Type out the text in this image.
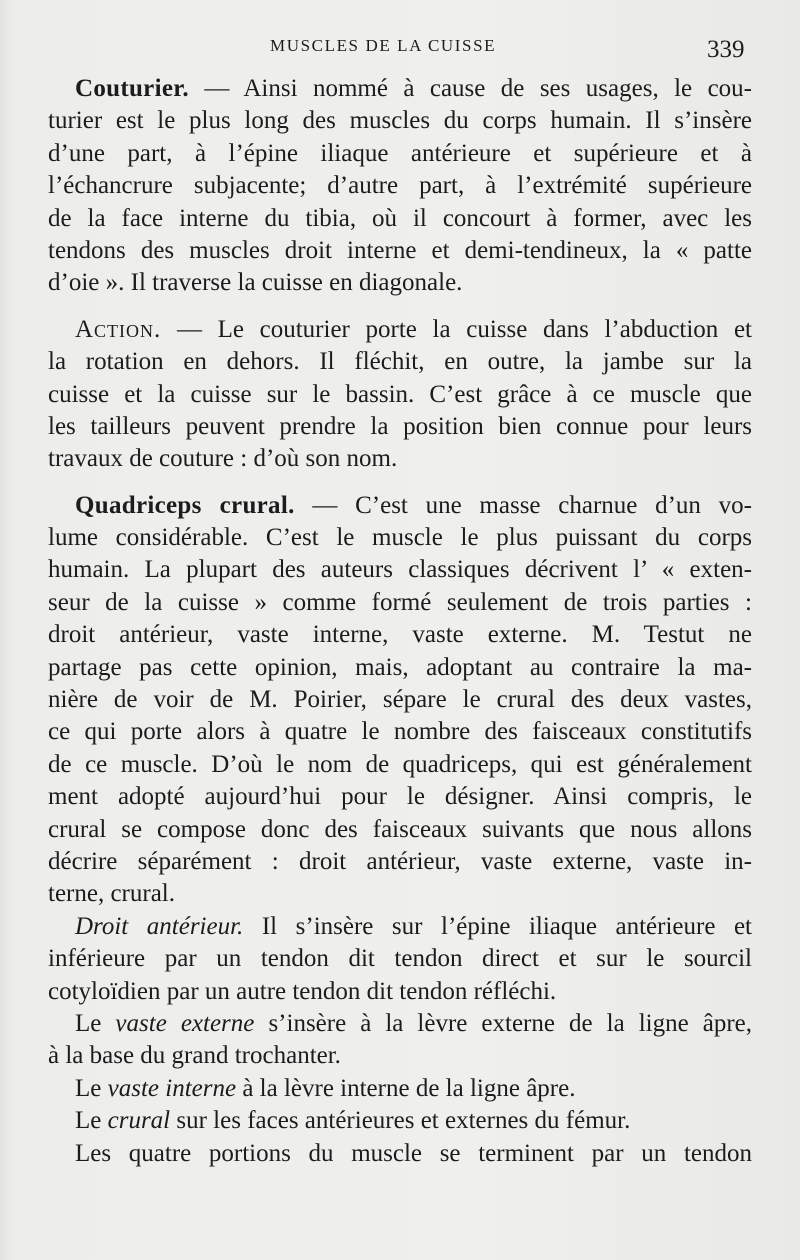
MUSCLES DE LA CUISSE	339
Couturier. — Ainsi nommé à cause de ses usages, le cou-
turier est le plus long des muscles du corps humain. Il s’insère
d’une part, à l’épine iliaque antérieure et supérieure et à
l’échancrure subjacente; d’autre part, à l’extrémité supérieure
de la face interne du tibia, où il concourt à former, avec les
tendons des muscles droit interne et demi-tendineux, la « patte
d’oie ». Il traverse la cuisse en diagonale.
Action. — Le couturier porte la cuisse dans l’abduction et
la rotation en dehors. Il fléchit, en outre, la jambe sur la
cuisse et la cuisse sur le bassin. C’est grâce à ce muscle que
les tailleurs peuvent prendre la position bien connue pour leurs
travaux de couture : d’où son nom.
Quadriceps crural. — C’est une masse charnue d’un vo-
lume considérable. C’est le muscle le plus puissant du corps
humain. La plupart des auteurs classiques décrivent l’ « exten-
seur de la cuisse » comme formé seulement de trois parties :
droit antérieur, vaste interne, vaste externe. M. Testut ne
partage pas cette opinion, mais, adoptant au contraire la ma-
nière de voir de M. Poirier, sépare le crural des deux vastes,
ce qui porte alors à quatre le nombre des faisceaux constitutifs
de ce muscle. D’où le nom de quadriceps, qui est généralement
ment adopté aujourd’hui pour le désigner. Ainsi compris, le
crural se compose donc des faisceaux suivants que nous allons
décrire séparément : droit antérieur, vaste externe, vaste in-
terne, crural.
Droit antérieur. Il s’insère sur l’épine iliaque antérieure et
inférieure par un tendon dit tendon direct et sur le sourcil
cotyloïdien par un autre tendon dit tendon réfléchi.
Le vaste externe s’insère à la lèvre externe de la ligne âpre,
à la base du grand trochanter.
Le vaste interne à la lèvre interne de la ligne âpre.
Le crural sur les faces antérieures et externes du fémur.
Les quatre portions du muscle se terminent par un tendon
